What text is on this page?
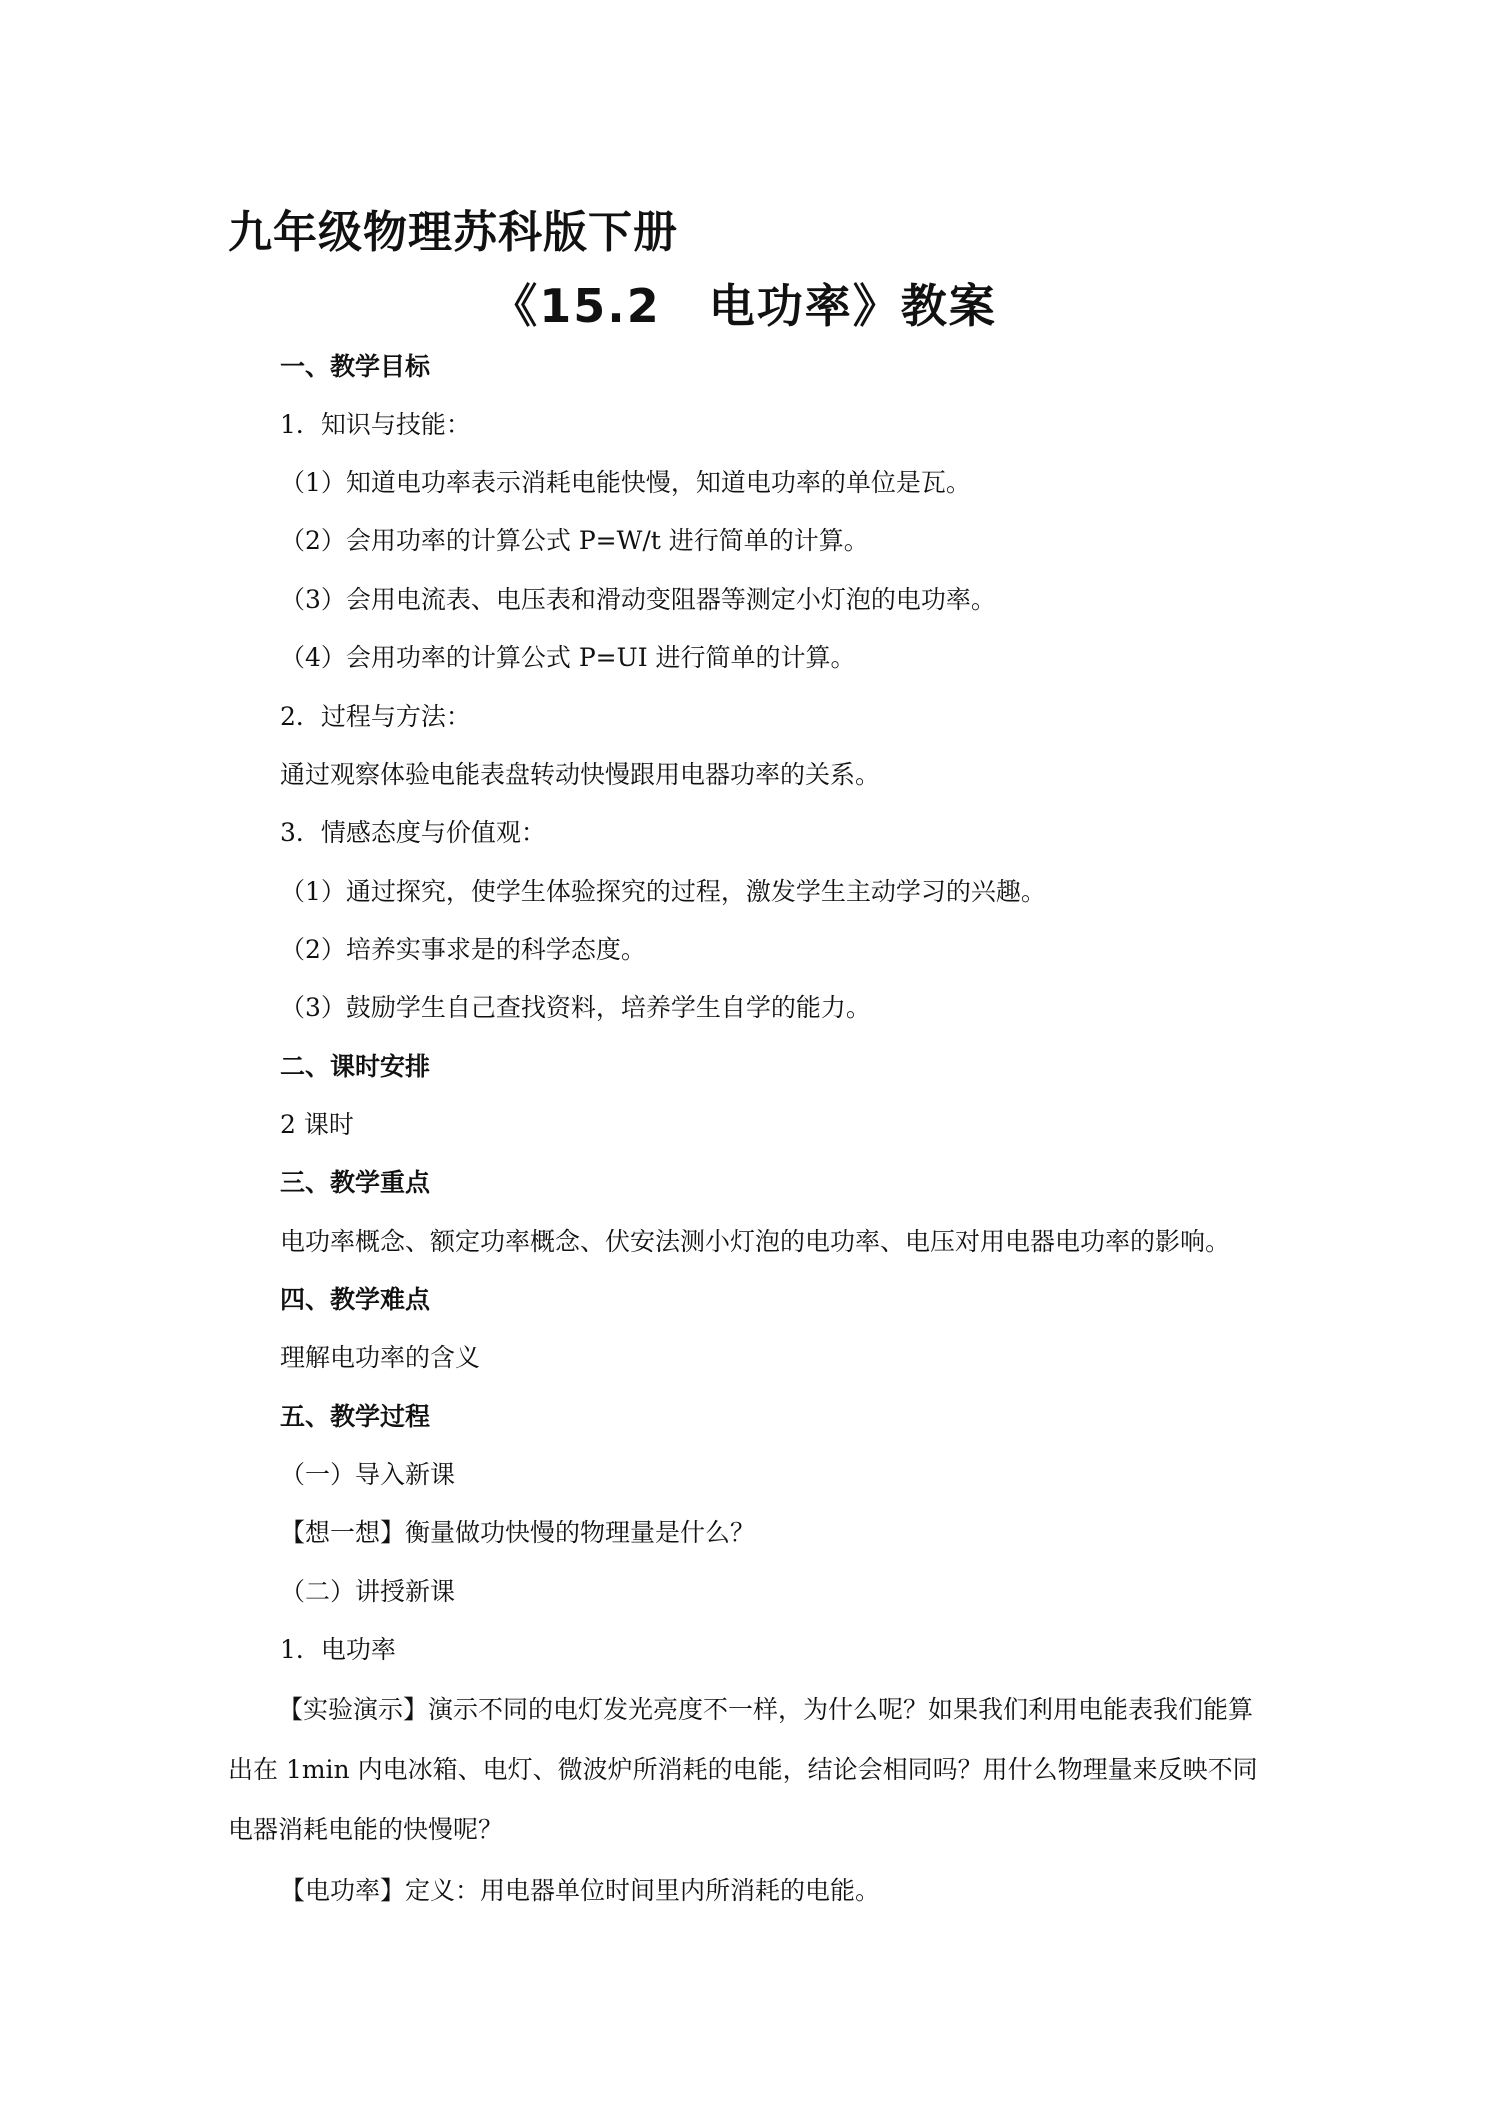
九年级物理苏科版下册
《15.2　电功率》教案
一、教学目标
1．知识与技能：
（1）知道电功率表示消耗电能快慢，知道电功率的单位是瓦。
（2）会用功率的计算公式 P=W/t 进行简单的计算。
（3）会用电流表、电压表和滑动变阻器等测定小灯泡的电功率。
（4）会用功率的计算公式 P=UI 进行简单的计算。
2．过程与方法：
通过观察体验电能表盘转动快慢跟用电器功率的关系。
3．情感态度与价值观：
（1）通过探究，使学生体验探究的过程，激发学生主动学习的兴趣。
（2）培养实事求是的科学态度。
（3）鼓励学生自己查找资料，培养学生自学的能力。
二、课时安排
2 课时
三、教学重点
电功率概念、额定功率概念、伏安法测小灯泡的电功率、电压对用电器电功率的影响。
四、教学难点
理解电功率的含义
五、教学过程
（一）导入新课
【想一想】衡量做功快慢的物理量是什么？
（二）讲授新课
1．电功率
【实验演示】演示不同的电灯发光亮度不一样，为什么呢？如果我们利用电能表我们能算出在 1min 内电冰箱、电灯、微波炉所消耗的电能，结论会相同吗？用什么物理量来反映不同电器消耗电能的快慢呢？
【电功率】定义：用电器单位时间里内所消耗的电能。
